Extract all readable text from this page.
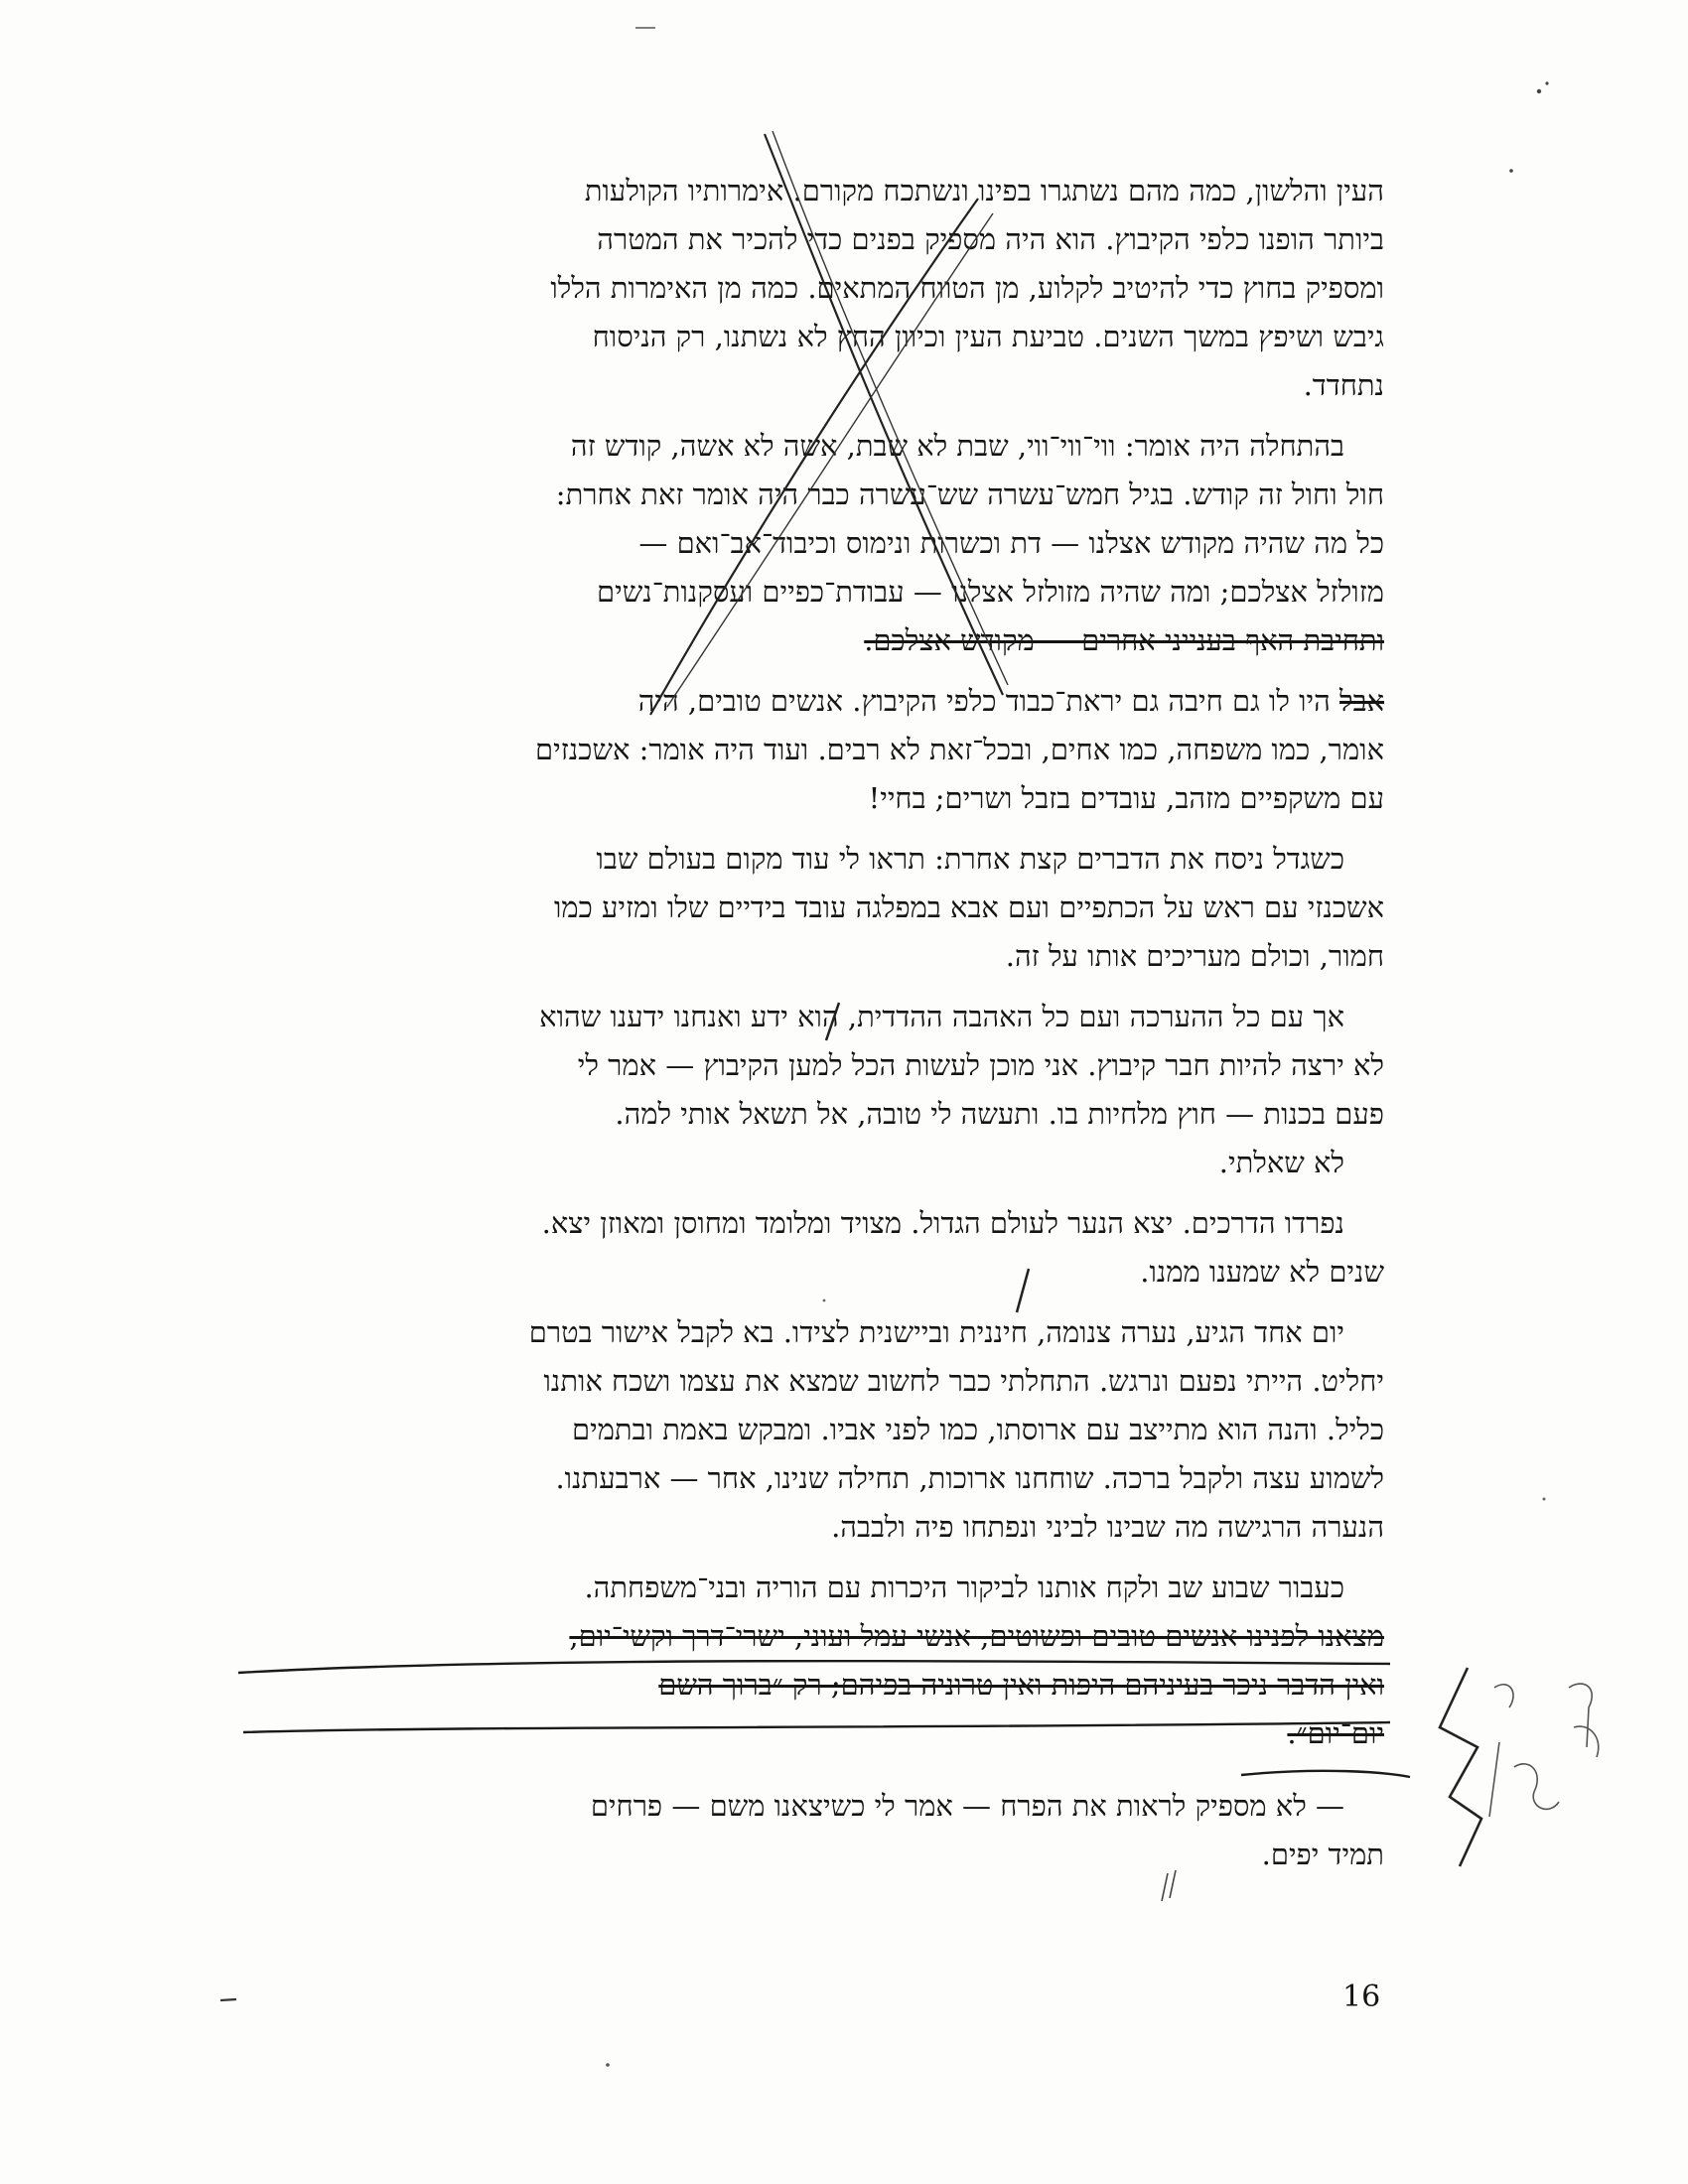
העין והלשון, כמה מהם נשתגרו בפינו ונשתכח מקורם. אימרותיו הקולעות
ביותר הופנו כלפי הקיבוץ. הוא היה מספיק בפנים כדי להכיר את המטרה
ומספיק בחוץ כדי להיטיב לקלוע, מן הטווח המתאים. כמה מן האימרות הללו
גיבש ושיפץ במשך השנים. טביעת העין וכיוון החץ לא נשתנו, רק הניסוח
נתחדד.
בהתחלה היה אומר: ווי־ווי־ווי, שבת לא שבת, אשה לא אשה, קודש זה
חול וחול זה קודש. בגיל חמש־עשרה שש־עשרה כבר היה אומר זאת אחרת:
כל מה שהיה מקודש אצלנו — דת וכשרות ונימוס וכיבוד־אב־ואם —
מזולזל אצלכם; ומה שהיה מזולזל אצלנו — עבודת־כפיים ועסקנות־נשים
ותחיבת האף בענייני אחרים — מקודש אצלכם.
אבל היו לו גם חיבה גם יראת־כבוד כלפי הקיבוץ. אנשים טובים, היה
אומר, כמו משפחה, כמו אחים, ובכל־זאת לא רבים. ועוד היה אומר: אשכנזים
עם משקפיים מזהב, עובדים בזבל ושרים; בחיי!
כשגדל ניסח את הדברים קצת אחרת: תראו לי עוד מקום בעולם שבו
אשכנזי עם ראש על הכתפיים ועם אבא במפלגה עובד בידיים שלו ומזיע כמו
חמור, וכולם מעריכים אותו על זה.
אך עם כל ההערכה ועם כל האהבה ההדדית, הוא ידע ואנחנו ידענו שהוא
לא ירצה להיות חבר קיבוץ. אני מוכן לעשות הכל למען הקיבוץ — אמר לי
פעם בכנות — חוץ מלחיות בו. ותעשה לי טובה, אל תשאל אותי למה.
לא שאלתי.
נפרדו הדרכים. יצא הנער לעולם הגדול. מצויד ומלומד ומחוסן ומאוזן יצא.
שנים לא שמענו ממנו.
יום אחד הגיע, נערה צנומה, חיננית וביישנית לצידו. בא לקבל אישור בטרם
יחליט. הייתי נפעם ונרגש. התחלתי כבר לחשוב שמצא את עצמו ושכח אותנו
כליל. והנה הוא מתייצב עם ארוסתו, כמו לפני אביו. ומבקש באמת ובתמים
לשמוע עצה ולקבל ברכה. שוחחנו ארוכות, תחילה שנינו, אחר — ארבעתנו.
הנערה הרגישה מה שבינו לביני ונפתחו פיה ולבבה.
כעבור שבוע שב ולקח אותנו לביקור היכרות עם הוריה ובני־משפחתה.
מצאנו לפנינו אנשים טובים ופשוטים, אנשי עמל ועוני, ישרי־דרך וקשי־יום,
ואין הדבר ניכר בעיניהם היפות ואין טרוניה בפיהם; רק ״ברוך השם
יום־יום״.
— לא מספיק לראות את הפרח — אמר לי כשיצאנו משם — פרחים
תמיד יפים.
16
